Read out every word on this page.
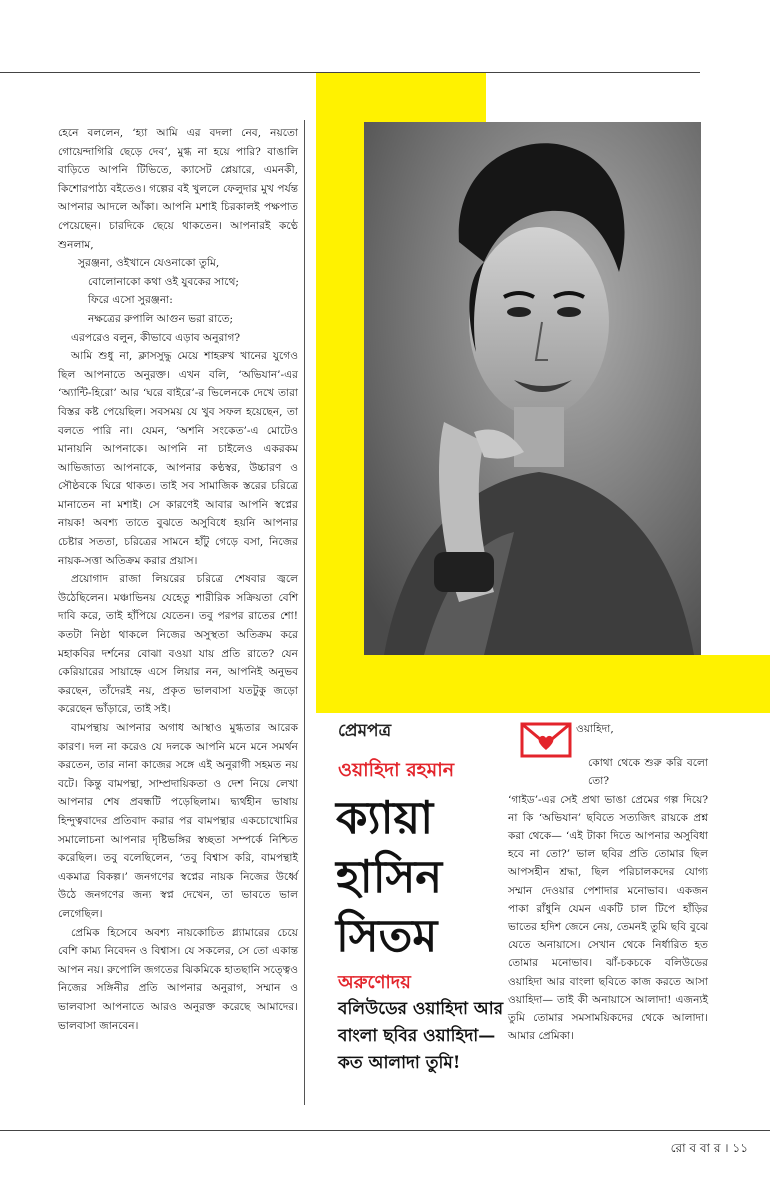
হেনে বললেন, ‘হ্যা আমি এর বদলা নেব, নয়তো গোয়েন্দাগিরি ছেড়ে দেব’, মুগ্ধ না হয়ে পারি? বাঙালি বাড়িতে আপনি টিভিতে, ক্যাসেট প্লেয়ারে, এমনকী, কিশোরপাঠ্য বইতেও। গল্পের বই খুললে ফেলুদার মুখ পর্যন্ত আপনার আদলে আঁকা। আপনি মশাই চিরকালই পক্ষপাত পেয়েছেন। চারদিকে ছেয়ে থাকতেন। আপনারই কণ্ঠে শুনলাম,

সুরঞ্জনা, ওইখানে যেওনাকো তুমি,

বোলোনাকো কথা ওই যুবকের সাথে;

ফিরে এসো সুরঞ্জনা:

নক্ষত্রের রুপালি আগুন ভরা রাতে;

এরপরেও বলুন, কীভাবে এড়াব অনুরাগ?

আমি শুধু না, ক্লাসসুদ্ধু মেয়ে শাহরুখ খানের যুগেও ছিল আপনাতে অনুরক্ত। এখন বলি, ‘অভিযান’-এর ‘অ্যান্টি-হিরো’ আর ‘ঘরে বাইরে’-র ভিলেনকে দেখে তারা বিস্তর কষ্ট পেয়েছিল। সবসময় যে খুব সফল হয়েছেন, তা বলতে পারি না। যেমন, ‘অশনি সংকেত’-এ মোটেও মানায়নি আপনাকে। আপনি না চাইলেও একরকম আভিজাত্য আপনাকে, আপনার কণ্ঠস্বর, উচ্চারণ ও সৌষ্ঠবকে ঘিরে থাকত। তাই সব সামাজিক স্তরের চরিত্রে মানাতেন না মশাই। সে কারণেই আবার আপনি স্বপ্নের নায়ক! অবশ্য তাতে বুঝতে অসুবিধে হয়নি আপনার চেষ্টার সততা, চরিত্রের সামনে হাঁটু গেড়ে বসা, নিজের নায়ক-সত্তা অতিক্রম করার প্রয়াস।

প্রয়োগাদ রাজা লিয়রের চরিত্রে শেষবার জ্বলে উঠেছিলেন। মঞ্চাভিনয় যেহেতু শারীরিক সক্রিয়তা বেশি দাবি করে, তাই হাঁপিয়ে যেতেন। তবু পরপর রাতের শো! কতটা নিষ্ঠা থাকলে নিজের অসুস্থতা অতিক্রম করে মহাকবির দর্শনের বোঝা বওয়া যায় প্রতি রাতে? যেন কেরিয়ারের সায়াহ্নে এসে লিয়ার নন, আপনিই অনুভব করছেন, তাঁদেরই নয়, প্রকৃত ভালবাসা যতটুকু জড়ো করেছেন ভাঁড়ারে, তাই সই।

বামপন্থায় আপনার অগাধ আস্থাও মুগ্ধতার আরেক কারণ। দল না করেও যে দলকে আপনি মনে মনে সমর্থন করতেন, তার নানা কাজের সঙ্গে এই অনুরাগী সহমত নয় বটে। কিন্তু বামপন্থা, সাম্প্রদায়িকতা ও দেশ নিয়ে লেখা আপনার শেষ প্রবন্ধটি পড়েছিলাম। দ্ব্যর্থহীন ভাষায় হিন্দুত্ববাদের প্রতিবাদ করার পর বামপন্থার একচোখোমির সমালোচনা আপনার দৃষ্টিভঙ্গির স্বচ্ছতা সম্পর্কে নিশ্চিত করেছিল। তবু বলেছিলেন, ‘তবু বিশ্বাস করি, বামপন্থাই একমাত্র বিকল্প।’ জনগণের স্বপ্নের নায়ক নিজের উর্ধ্বে উঠে জনগণের জন্য স্বপ্ন দেখেন, তা ভাবতে ভাল লেগেছিল।

প্রেমিক হিসেবে অবশ্য নায়কোচিত গ্ল্যামারের চেয়ে বেশি কাম্য নিবেদন ও বিশ্বাস। যে সকলের, সে তো একান্ত আপন নয়। রুপোলি জগতের ঝিকমিকে হাতছানি সত্ত্বেও নিজের সঙ্গিনীর প্রতি আপনার অনুরাগ, সম্মান ও ভালবাসা আপনাতে আরও অনুরক্ত করেছে আমাদের। ভালবাসা জানবেন।

প্রেমপত্র
ওয়াহিদা রহমান
ক্যায়া
হাসিন
সিতম
অরুণোদয়
বলিউডের ওয়াহিদা আর বাংলা ছবির ওয়াহিদা— কত আলাদা তুমি!

ওয়াহিদা,

কোথা থেকে শুরু করি বলো তো?

‘গাইড’-এর সেই প্রথা ভাঙা প্রেমের গল্প দিয়ে? না কি ‘অভিযান’ ছবিতে সত্যজিৎ রায়কে প্রশ্ন করা থেকে— ‘এই টাকা দিতে আপনার অসুবিধা হবে না তো?’ ভাল ছবির প্রতি তোমার ছিল আপসহীন শ্রদ্ধা, ছিল পরিচালকদের যোগ্য সম্মান দেওয়ার পেশাদার মনোভাব। একজন পাকা রাঁধুনি যেমন একটি চাল টিপে হাঁড়ির ভাতের হদিশ জেনে নেয়, তেমনই তুমি ছবি বুঝে যেতে অনায়াসে। সেখান থেকে নির্ধারিত হত তোমার মনোভাব। ঝাঁ-চকচকে বলিউডের ওয়াহিদা আর বাংলা ছবিতে কাজ করতে আসা ওয়াহিদা— তাই কী অনায়াসে আলাদা! এজন্যই তুমি তোমার সমসাময়িকদের থেকে আলাদা। আমার প্রেমিকা।

রো ব বা র । ১১
